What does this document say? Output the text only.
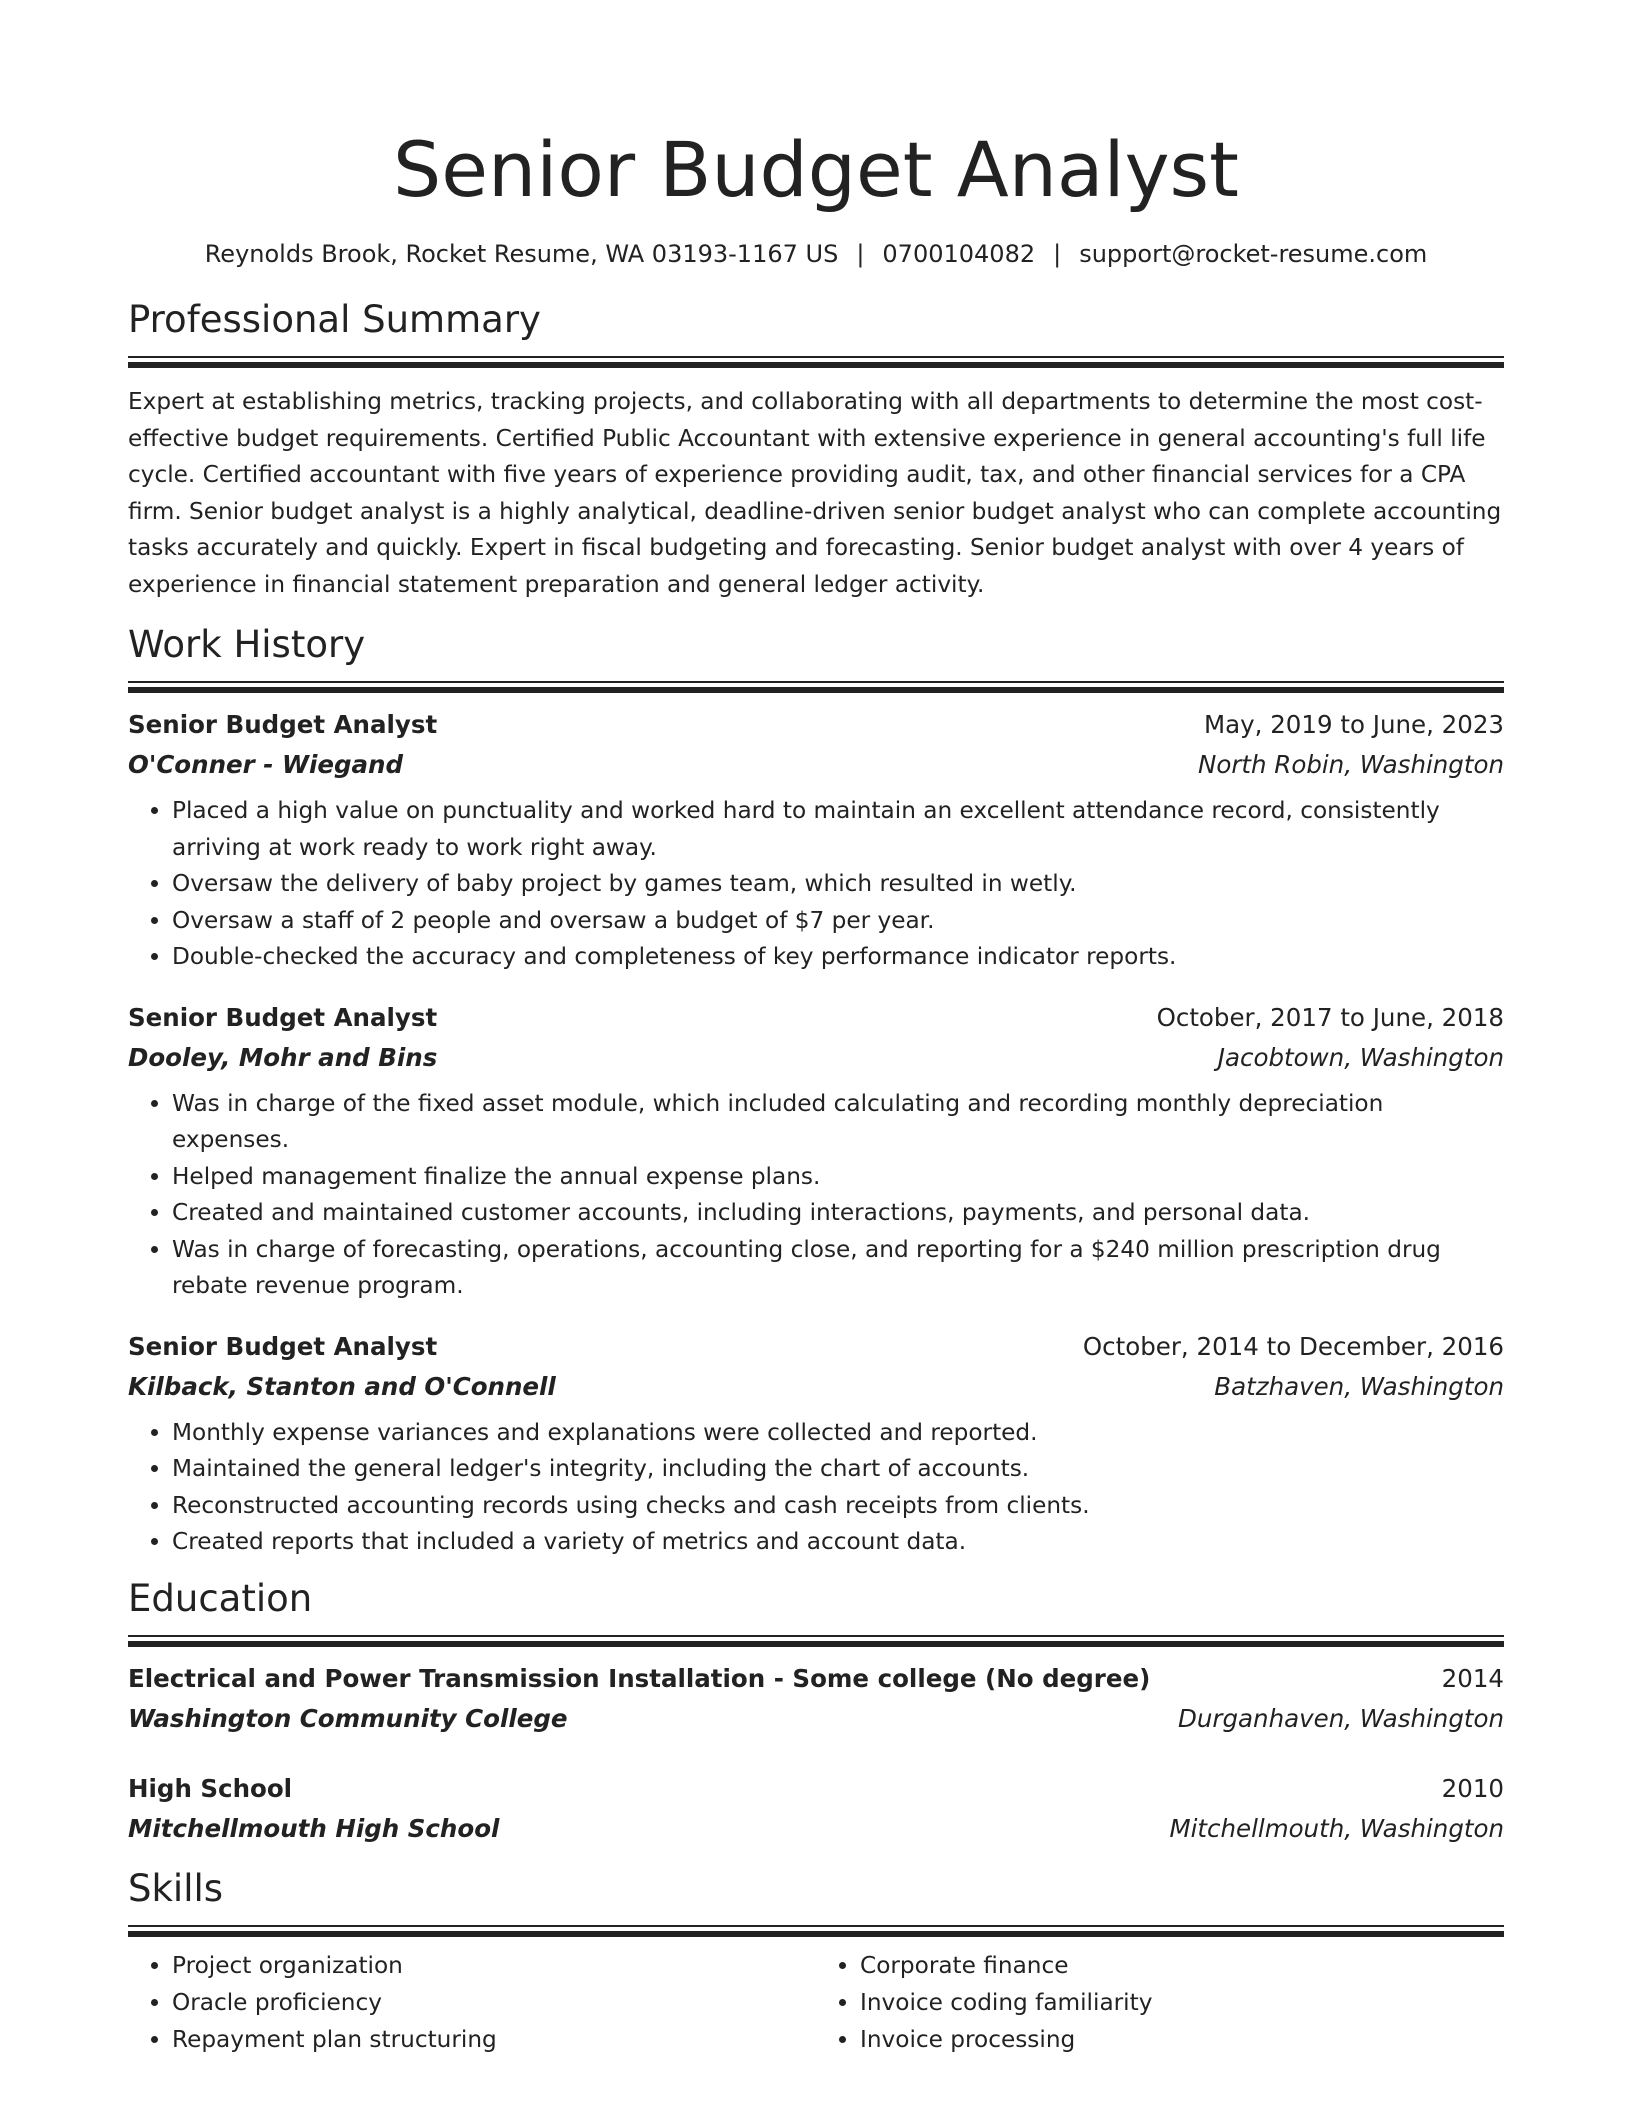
Senior Budget Analyst
Reynolds Brook, Rocket Resume, WA 03193-1167 US | 0700104082 | support@rocket-resume.com
Professional Summary
Expert at establishing metrics, tracking projects, and collaborating with all departments to determine the most cost-effective budget requirements. Certified Public Accountant with extensive experience in general accounting's full life cycle. Certified accountant with five years of experience providing audit, tax, and other financial services for a CPA firm. Senior budget analyst is a highly analytical, deadline-driven senior budget analyst who can complete accounting tasks accurately and quickly. Expert in fiscal budgeting and forecasting. Senior budget analyst with over 4 years of experience in financial statement preparation and general ledger activity.
Work History
Senior Budget Analyst	May, 2019 to June, 2023
O'Conner - Wiegand	North Robin, Washington
• Placed a high value on punctuality and worked hard to maintain an excellent attendance record, consistently arriving at work ready to work right away.
• Oversaw the delivery of baby project by games team, which resulted in wetly.
• Oversaw a staff of 2 people and oversaw a budget of $7 per year.
• Double-checked the accuracy and completeness of key performance indicator reports.
Senior Budget Analyst	October, 2017 to June, 2018
Dooley, Mohr and Bins	Jacobtown, Washington
• Was in charge of the fixed asset module, which included calculating and recording monthly depreciation expenses.
• Helped management finalize the annual expense plans.
• Created and maintained customer accounts, including interactions, payments, and personal data.
• Was in charge of forecasting, operations, accounting close, and reporting for a $240 million prescription drug rebate revenue program.
Senior Budget Analyst	October, 2014 to December, 2016
Kilback, Stanton and O'Connell	Batzhaven, Washington
• Monthly expense variances and explanations were collected and reported.
• Maintained the general ledger's integrity, including the chart of accounts.
• Reconstructed accounting records using checks and cash receipts from clients.
• Created reports that included a variety of metrics and account data.
Education
Electrical and Power Transmission Installation - Some college (No degree)	2014
Washington Community College	Durganhaven, Washington
High School	2010
Mitchellmouth High School	Mitchellmouth, Washington
Skills
• Project organization
• Oracle proficiency
• Repayment plan structuring
• Corporate finance
• Invoice coding familiarity
• Invoice processing
